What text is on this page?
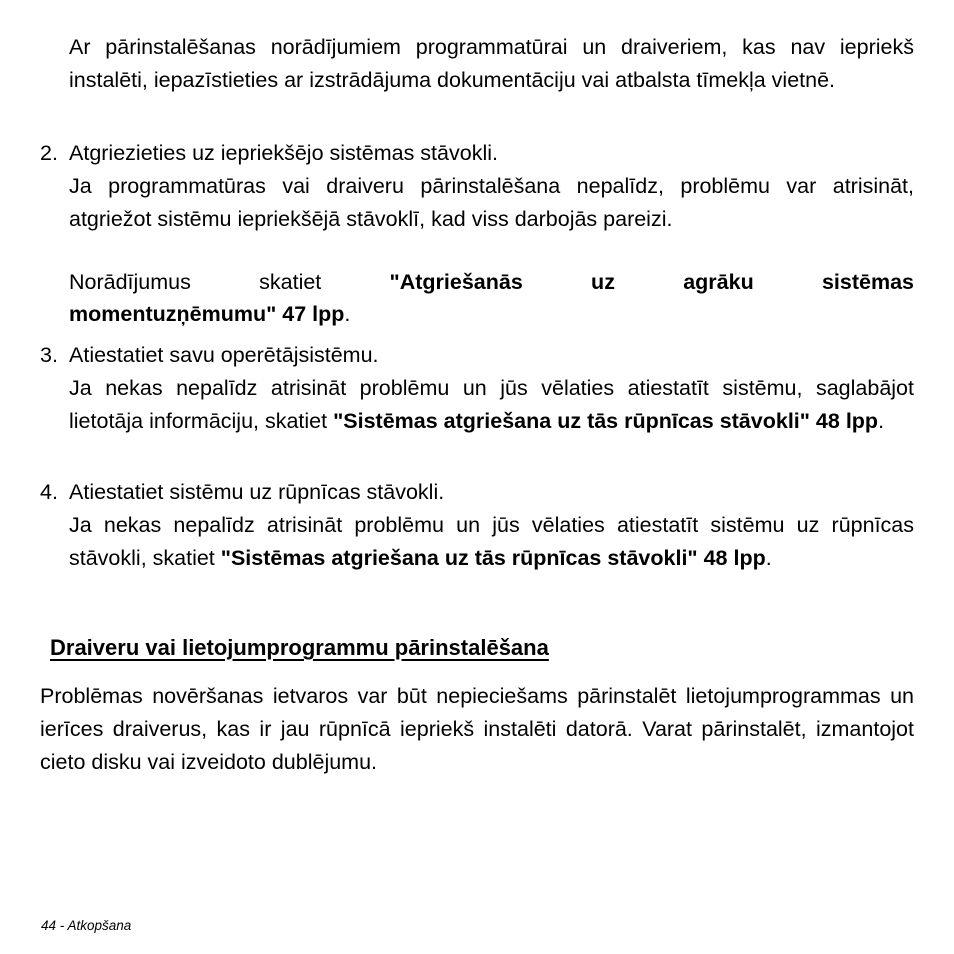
Ar pārinstalēšanas norādījumiem programmatūrai un draiveriem, kas nav iepriekš instalēti, iepazīstieties ar izstrādājuma dokumentāciju vai atbalsta tīmekļa vietnē.

2. Atgriezieties uz iepriekšējo sistēmas stāvokli.

Ja programmatūras vai draiveru pārinstalēšana nepalīdz, problēmu var atrisināt, atgriežot sistēmu iepriekšējā stāvoklī, kad viss darbojās pareizi.

Norādījumus skatiet "Atgriešanās uz agrāku sistēmas

momentuzņēmumu" 47 lpp.

3. Atiestatiet savu operētājsistēmu.

Ja nekas nepalīdz atrisināt problēmu un jūs vēlaties atiestatīt sistēmu, saglabājot lietotāja informāciju, skatiet "Sistēmas atgriešana uz tās rūpnīcas stāvokli" 48 lpp.

4. Atiestatiet sistēmu uz rūpnīcas stāvokli.

Ja nekas nepalīdz atrisināt problēmu un jūs vēlaties atiestatīt sistēmu uz rūpnīcas stāvokli, skatiet "Sistēmas atgriešana uz tās rūpnīcas stāvokli" 48 lpp.

Draiveru vai lietojumprogrammu pārinstalēšana

Problēmas novēršanas ietvaros var būt nepieciešams pārinstalēt lietojumprogrammas un ierīces draiverus, kas ir jau rūpnīcā iepriekš instalēti datorā. Varat pārinstalēt, izmantojot cieto disku vai izveidoto dublējumu.

44 - Atkopšana
